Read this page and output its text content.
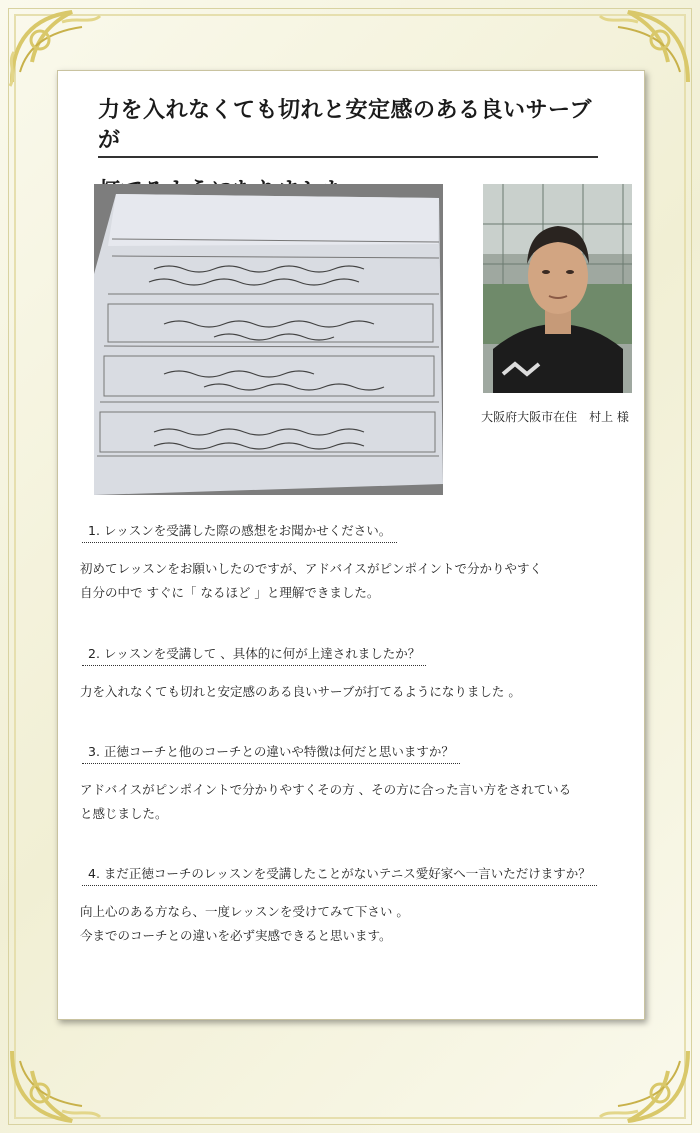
力を入れなくても切れと安定感のある良いサーブが

大阪府大阪市在住　村上 様
1. レッスンを受講した際の感想をお聞かせください。
初めてレッスンをお願いしたのですが、アドバイスがピンポイントで分かりやすく
自分の中で すぐに「 なるほど 」と理解できました。
2. レッスンを受講して 、具体的に何が上達されましたか？
力を入れなくても切れと安定感のある良いサーブが打てるようになりました 。
3. 正徳コーチと他のコーチとの違いや特徴は何だと思いますか？
アドバイスがピンポイントで分かりやすくその方 、その方に合った言い方をされている
と感じました。
4. まだ正徳コーチのレッスンを受講したことがないテニス愛好家へ一言いただけますか？
向上心のある方なら、一度レッスンを受けてみて下さい 。
今までのコーチとの違いを必ず実感できると思います。
